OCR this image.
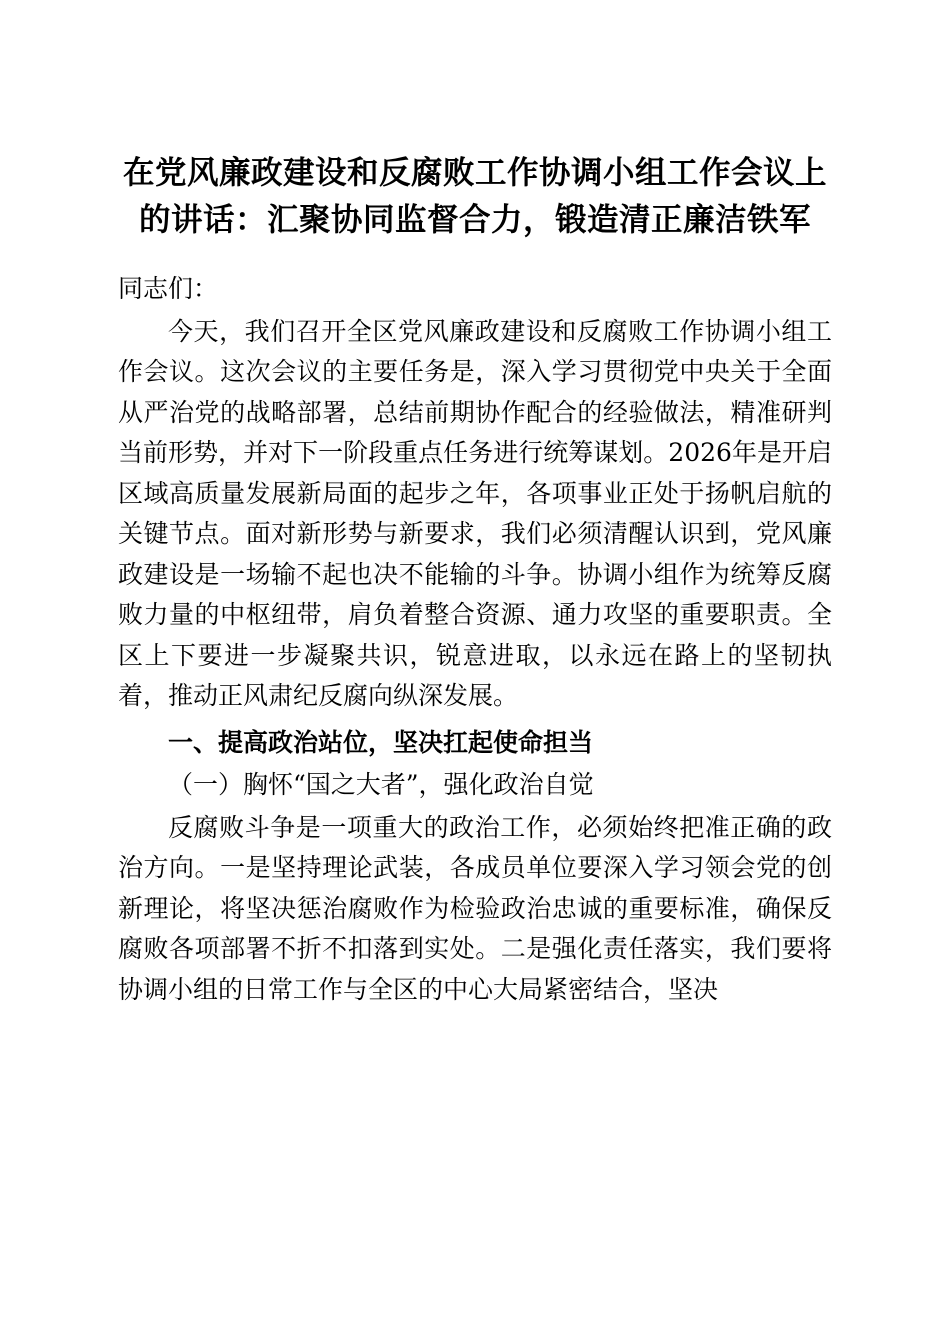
在党风廉政建设和反腐败工作协调小组工作会议上的讲话：汇聚协同监督合力，锻造清正廉洁铁军

同志们：

今天，我们召开全区党风廉政建设和反腐败工作协调小组工作会议。这次会议的主要任务是，深入学习贯彻党中央关于全面从严治党的战略部署，总结前期协作配合的经验做法，精准研判当前形势，并对下一阶段重点任务进行统筹谋划。2026年是开启区域高质量发展新局面的起步之年，各项事业正处于扬帆启航的关键节点。面对新形势与新要求，我们必须清醒认识到，党风廉政建设是一场输不起也决不能输的斗争。协调小组作为统筹反腐败力量的中枢纽带，肩负着整合资源、通力攻坚的重要职责。全区上下要进一步凝聚共识，锐意进取，以永远在路上的坚韧执着，推动正风肃纪反腐向纵深发展。

一、提高政治站位，坚决扛起使命担当

（一）胸怀“国之大者”，强化政治自觉

反腐败斗争是一项重大的政治工作，必须始终把准正确的政治方向。一是坚持理论武装，各成员单位要深入学习领会党的创新理论，将坚决惩治腐败作为检验政治忠诚的重要标准，确保反腐败各项部署不折不扣落到实处。二是强化责任落实，我们要将协调小组的日常工作与全区的中心大局紧密结合，坚决
